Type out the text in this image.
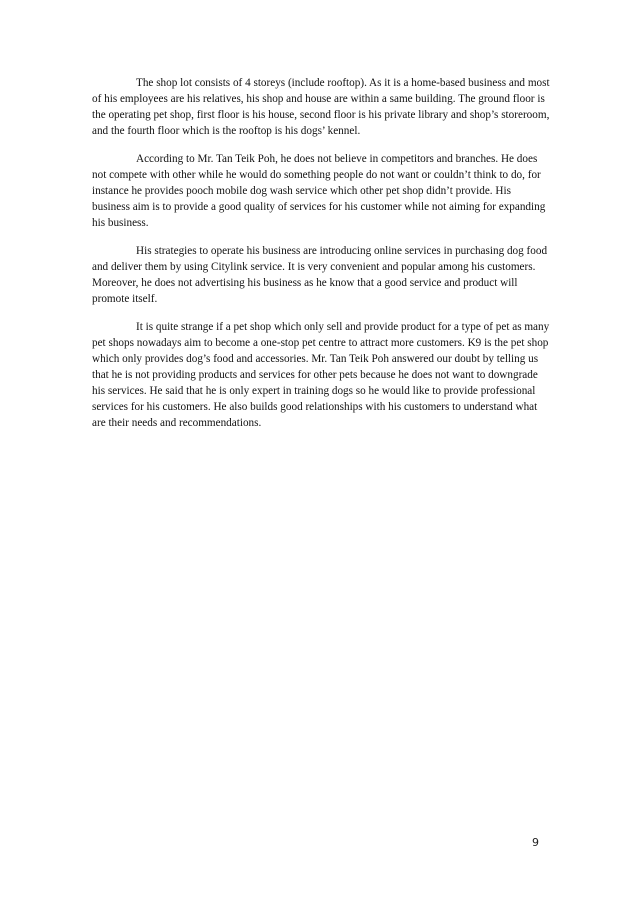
The shop lot consists of 4 storeys (include rooftop). As it is a home-based business and most of his employees are his relatives, his shop and house are within a same building. The ground floor is the operating pet shop, first floor is his house, second floor is his private library and shop’s storeroom, and the fourth floor which is the rooftop is his dogs’ kennel.

According to Mr. Tan Teik Poh, he does not believe in competitors and branches. He does not compete with other while he would do something people do not want or couldn’t think to do, for instance he provides pooch mobile dog wash service which other pet shop didn’t provide. His business aim is to provide a good quality of services for his customer while not aiming for expanding his business.

His strategies to operate his business are introducing online services in purchasing dog food and deliver them by using Citylink service. It is very convenient and popular among his customers. Moreover, he does not advertising his business as he know that a good service and product will promote itself.

It is quite strange if a pet shop which only sell and provide product for a type of pet as many pet shops nowadays aim to become a one-stop pet centre to attract more customers. K9 is the pet shop which only provides dog’s food and accessories. Mr. Tan Teik Poh answered our doubt by telling us that he is not providing products and services for other pets because he does not want to downgrade his services. He said that he is only expert in training dogs so he would like to provide professional services for his customers. He also builds good relationships with his customers to understand what are their needs and recommendations.

9
